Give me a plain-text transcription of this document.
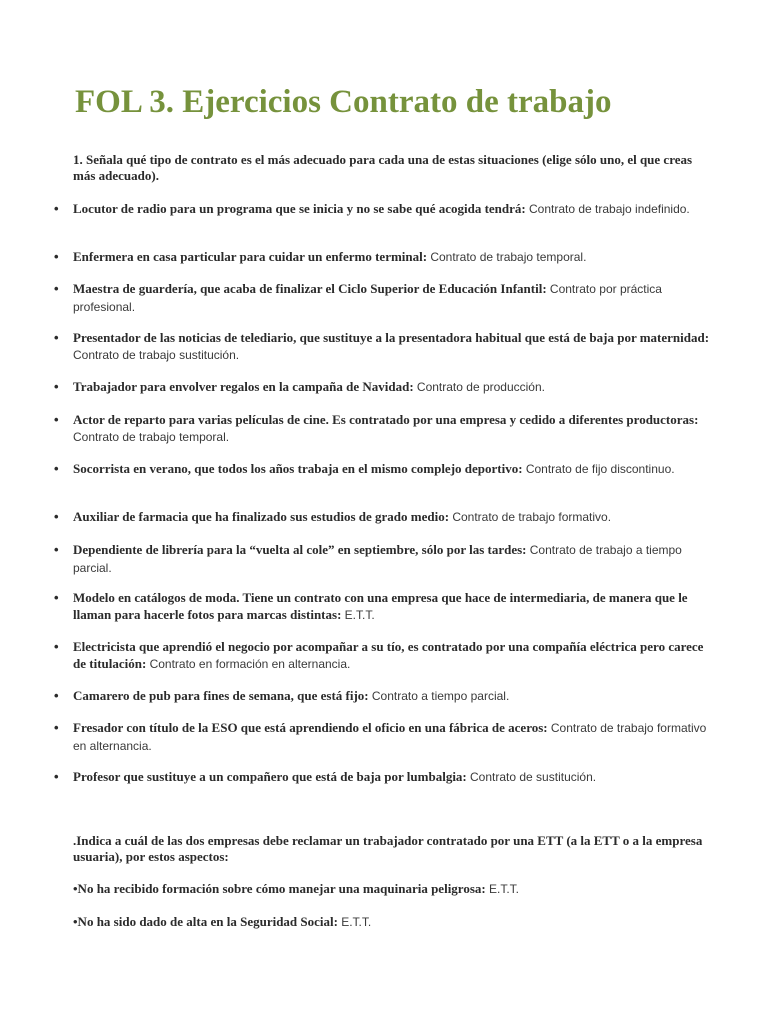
FOL 3. Ejercicios Contrato de trabajo
1. Señala qué tipo de contrato es el más adecuado para cada una de estas situaciones (elige sólo uno, el que creas más adecuado).
• Locutor de radio para un programa que se inicia y no se sabe qué acogida tendrá: Contrato de trabajo indefinido.
• Enfermera en casa particular para cuidar un enfermo terminal: Contrato de trabajo temporal.
• Maestra de guardería, que acaba de finalizar el Ciclo Superior de Educación Infantil: Contrato por práctica profesional.
• Presentador de las noticias de telediario, que sustituye a la presentadora habitual que está de baja por maternidad: Contrato de trabajo sustitución.
• Trabajador para envolver regalos en la campaña de Navidad: Contrato de producción.
• Actor de reparto para varias películas de cine. Es contratado por una empresa y cedido a diferentes productoras: Contrato de trabajo temporal.
• Socorrista en verano, que todos los años trabaja en el mismo complejo deportivo: Contrato de fijo discontinuo.
• Auxiliar de farmacia que ha finalizado sus estudios de grado medio: Contrato de trabajo formativo.
• Dependiente de librería para la “vuelta al cole” en septiembre, sólo por las tardes: Contrato de trabajo a tiempo parcial.
• Modelo en catálogos de moda. Tiene un contrato con una empresa que hace de intermediaria, de manera que le llaman para hacerle fotos para marcas distintas: E.T.T.
• Electricista que aprendió el negocio por acompañar a su tío, es contratado por una compañía eléctrica pero carece de titulación: Contrato en formación en alternancia.
• Camarero de pub para fines de semana, que está fijo: Contrato a tiempo parcial.
• Fresador con título de la ESO que está aprendiendo el oficio en una fábrica de aceros: Contrato de trabajo formativo en alternancia.
• Profesor que sustituye a un compañero que está de baja por lumbalgia: Contrato de sustitución.
.Indica a cuál de las dos empresas debe reclamar un trabajador contratado por una ETT (a la ETT o a la empresa usuaria), por estos aspectos:
•No ha recibido formación sobre cómo manejar una maquinaria peligrosa: E.T.T.
•No ha sido dado de alta en la Seguridad Social: E.T.T.
